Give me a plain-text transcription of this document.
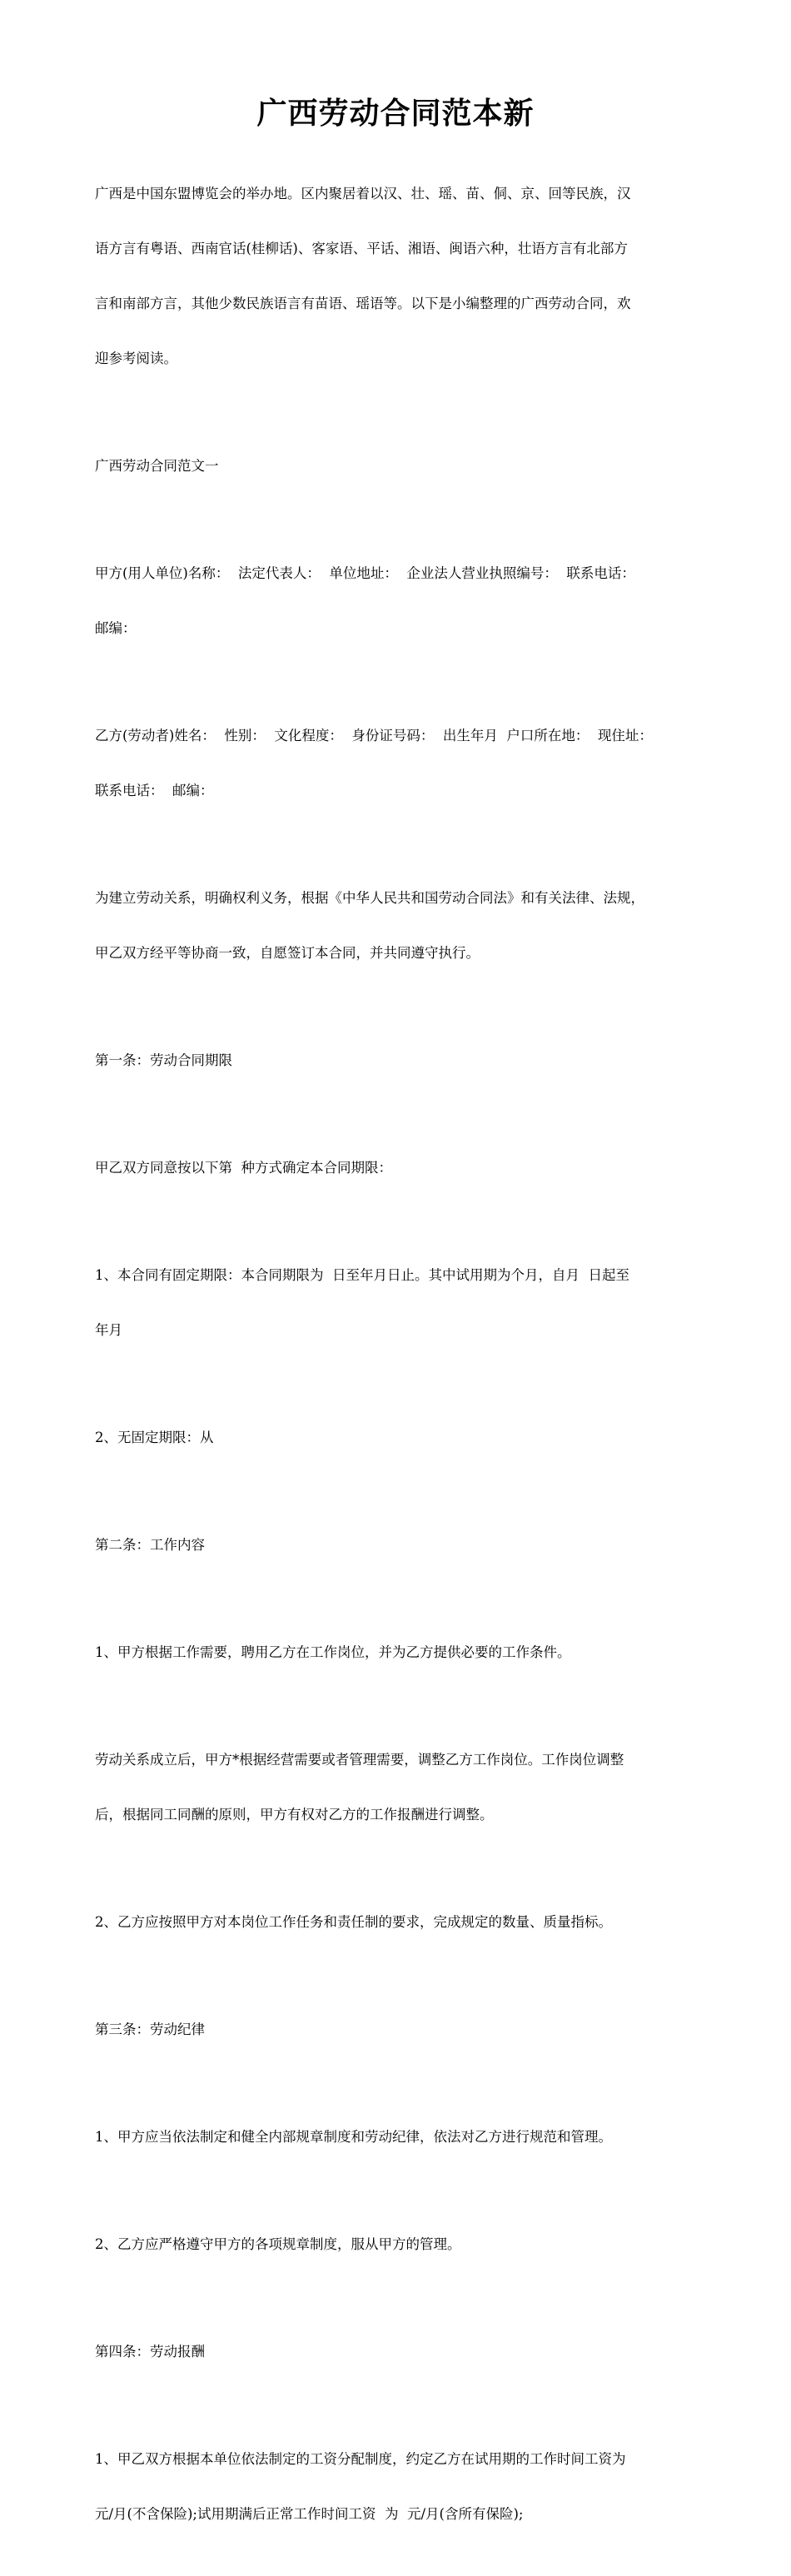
广西劳动合同范本新

广西是中国东盟博览会的举办地。区内聚居着以汉、壮、瑶、苗、侗、京、回等民族，汉

语方言有粤语、西南官话(桂柳话)、客家语、平话、湘语、闽语六种，壮语方言有北部方

言和南部方言，其他少数民族语言有苗语、瑶语等。以下是小编整理的广西劳动合同，欢

迎参考阅读。

广西劳动合同范文一

甲方(用人单位)名称：  法定代表人：  单位地址：  企业法人营业执照编号：  联系电话：

邮编：

乙方(劳动者)姓名：  性别：  文化程度：  身份证号码：  出生年月  户口所在地：  现住址：

联系电话：  邮编：

为建立劳动关系，明确权利义务，根据《中华人民共和国劳动合同法》和有关法律、法规，

甲乙双方经平等协商一致，自愿签订本合同，并共同遵守执行。

第一条：劳动合同期限

甲乙双方同意按以下第  种方式确定本合同期限：

1、本合同有固定期限：本合同期限为  日至年月日止。其中试用期为个月，自月  日起至

年月

2、无固定期限：从

第二条：工作内容

1、甲方根据工作需要，聘用乙方在工作岗位，并为乙方提供必要的工作条件。

劳动关系成立后，甲方*根据经营需要或者管理需要，调整乙方工作岗位。工作岗位调整

后，根据同工同酬的原则，甲方有权对乙方的工作报酬进行调整。

2、乙方应按照甲方对本岗位工作任务和责任制的要求，完成规定的数量、质量指标。

第三条：劳动纪律

1、甲方应当依法制定和健全内部规章制度和劳动纪律，依法对乙方进行规范和管理。

2、乙方应严格遵守甲方的各项规章制度，服从甲方的管理。

第四条：劳动报酬

1、甲乙双方根据本单位依法制定的工资分配制度，约定乙方在试用期的工作时间工资为

元/月(不含保险);试用期满后正常工作时间工资  为  元/月(含所有保险);
